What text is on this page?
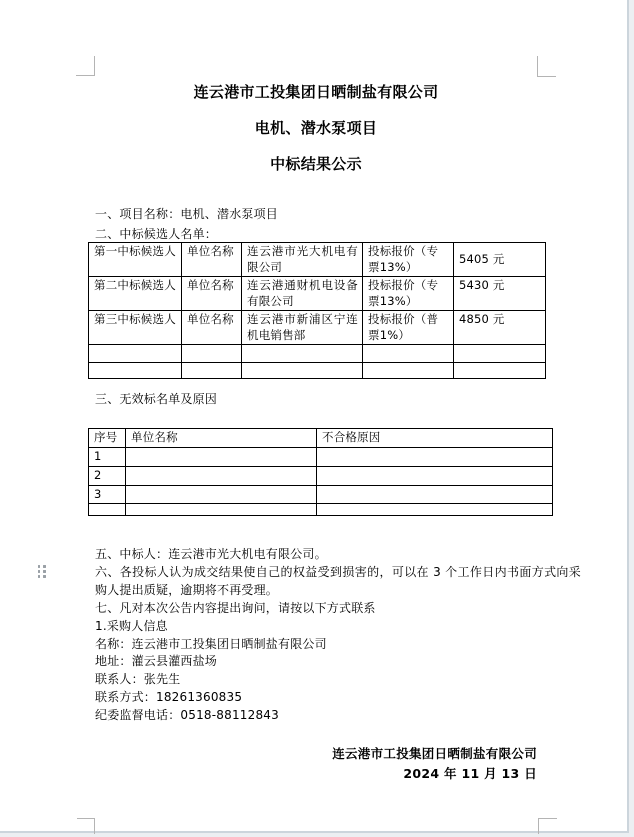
连云港市工投集团日晒制盐有限公司
电机、潜水泵项目
中标结果公示
一、项目名称：电机、潜水泵项目
二、中标候选人名单：
第一中标候选人	单位名称	连云港市光大机电有限公司	投标报价（专票13%）	5405 元
第二中标候选人	单位名称	连云港通财机电设备有限公司	投标报价（专票13%）	5430 元
第三中标候选人	单位名称	连云港市新浦区宁连机电销售部	投标报价（普票1%）	4850 元

三、无效标名单及原因
序号	单位名称	不合格原因
1		
2		
3		

五、中标人：连云港市光大机电有限公司。

六、各投标人认为成交结果使自己的权益受到损害的，可以在 3 个工作日内书面方式向采购人提出质疑，逾期将不再受理。

七、凡对本次公告内容提出询问，请按以下方式联系

1.采购人信息

名称：连云港市工投集团日晒制盐有限公司

地址：灌云县灌西盐场

联系人：张先生

联系方式：18261360835

纪委监督电话：0518-88112843

连云港市工投集团日晒制盐有限公司
2024 年 11 月 13 日
